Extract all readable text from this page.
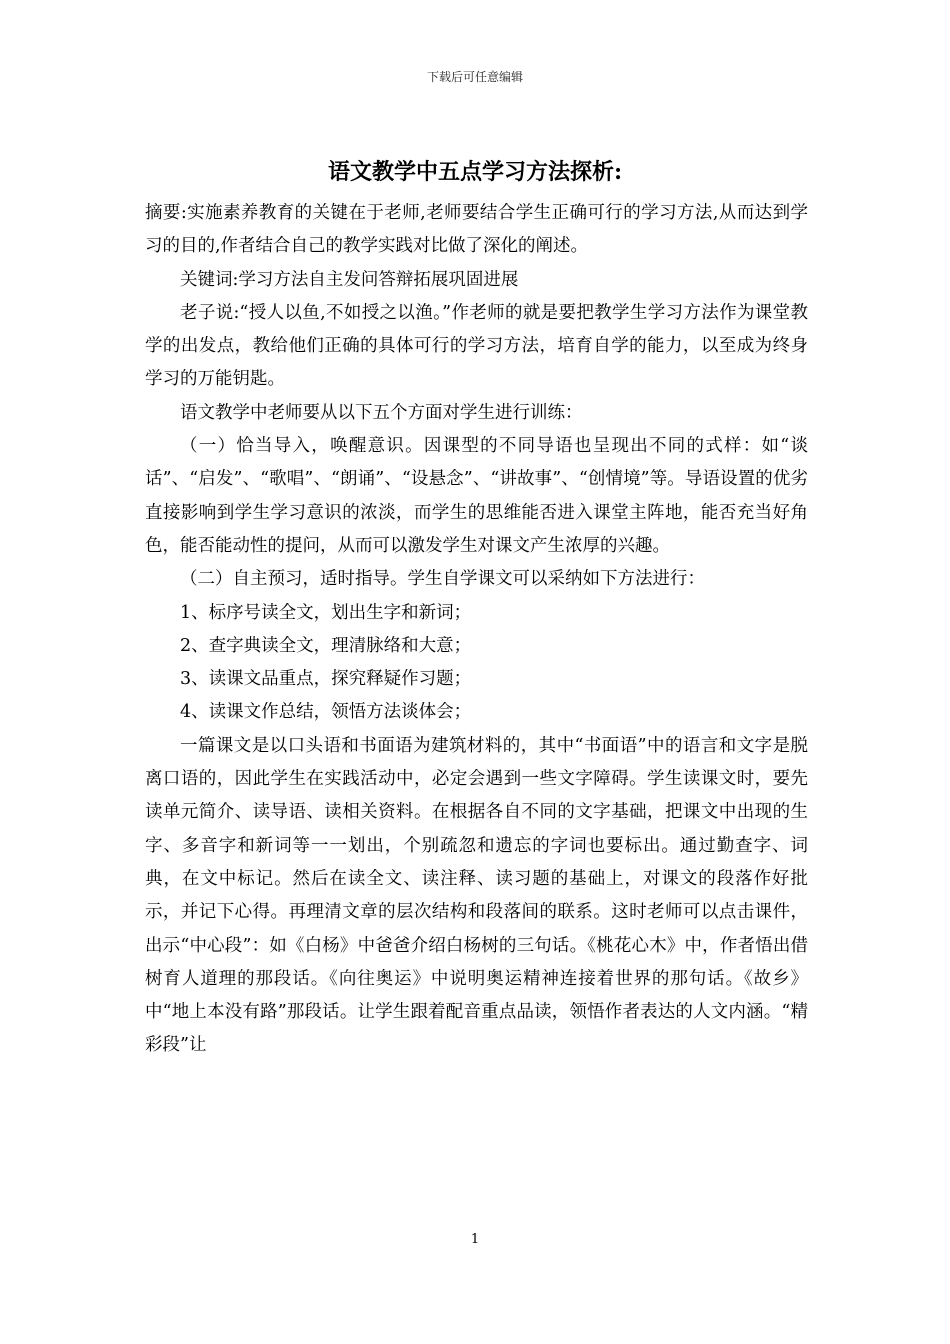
下载后可任意编辑
语文教学中五点学习方法探析:

摘要:实施素养教育的关键在于老师,老师要结合学生正确可行的学习方法,从而达到学习的目的,作者结合自己的教学实践对比做了深化的阐述。

关键词:学习方法自主发问答辩拓展巩固进展

老子说:“授人以鱼,不如授之以渔。”作老师的就是要把教学生学习方法作为课堂教学的出发点，教给他们正确的具体可行的学习方法，培育自学的能力，以至成为终身学习的万能钥匙。

语文教学中老师要从以下五个方面对学生进行训练：

（一）恰当导入，唤醒意识。因课型的不同导语也呈现出不同的式样：如“谈话”、“启发”、“歌唱”、“朗诵”、“设悬念”、“讲故事”、“创情境”等。导语设置的优劣直接影响到学生学习意识的浓淡，而学生的思维能否进入课堂主阵地，能否充当好角色，能否能动性的提问，从而可以激发学生对课文产生浓厚的兴趣。

（二）自主预习，适时指导。学生自学课文可以采纳如下方法进行：

1、标序号读全文，划出生字和新词；

2、查字典读全文，理清脉络和大意；

3、读课文品重点，探究释疑作习题；

4、读课文作总结，领悟方法谈体会；

一篇课文是以口头语和书面语为建筑材料的，其中“书面语”中的语言和文字是脱离口语的，因此学生在实践活动中，必定会遇到一些文字障碍。学生读课文时，要先读单元简介、读导语、读相关资料。在根据各自不同的文字基础，把课文中出现的生字、多音字和新词等一一划出，个别疏忽和遗忘的字词也要标出。通过勤查字、词典，在文中标记。然后在读全文、读注释、读习题的基础上，对课文的段落作好批示，并记下心得。再理清文章的层次结构和段落间的联系。这时老师可以点击课件，出示“中心段”：如《白杨》中爸爸介绍白杨树的三句话。《桃花心木》中，作者悟出借树育人道理的那段话。《向往奥运》中说明奥运精神连接着世界的那句话。《故乡》中“地上本没有路”那段话。让学生跟着配音重点品读，领悟作者表达的人文内涵。“精彩段”让

1
